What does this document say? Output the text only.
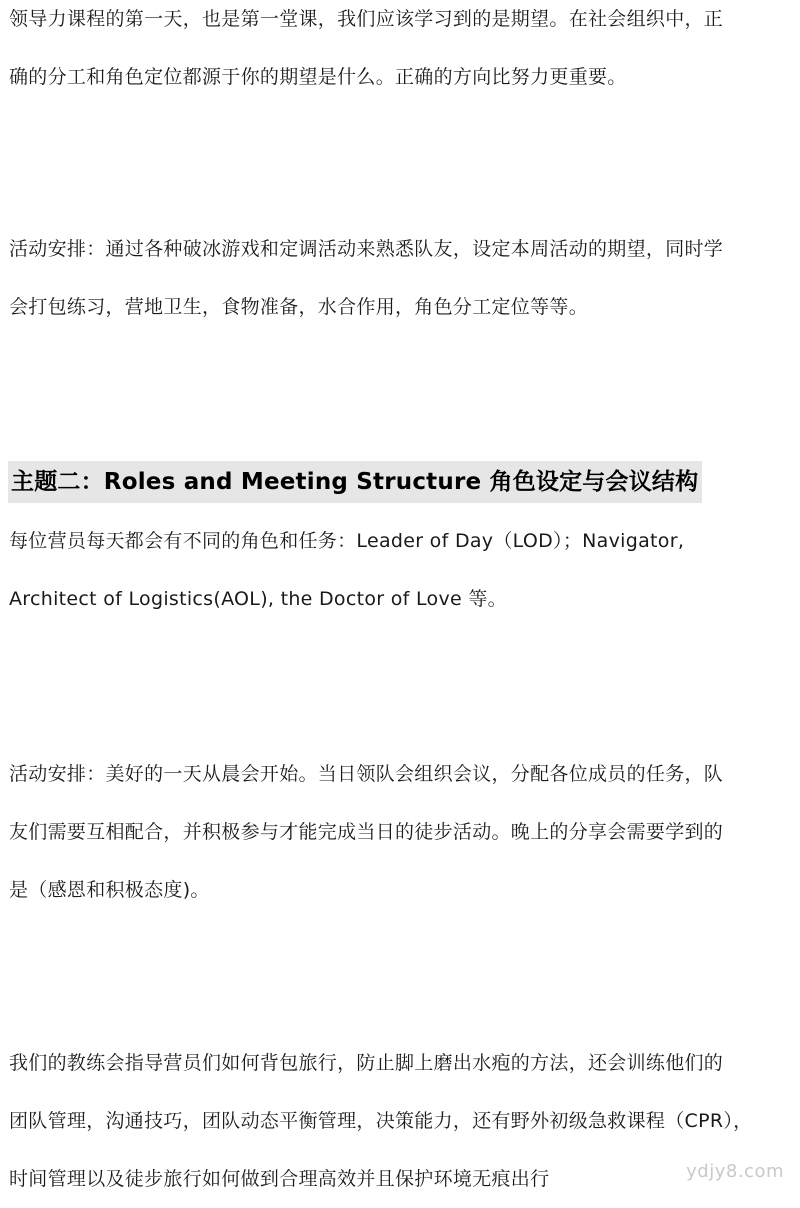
领导力课程的第一天，也是第一堂课，我们应该学习到的是期望。在社会组织中，正
确的分工和角色定位都源于你的期望是什么。正确的方向比努力更重要。
活动安排：通过各种破冰游戏和定调活动来熟悉队友，设定本周活动的期望，同时学
会打包练习，营地卫生，食物准备，水合作用，角色分工定位等等。
主题二：Roles and Meeting Structure 角色设定与会议结构
每位营员每天都会有不同的角色和任务：Leader of Day（LOD）；Navigator,
Architect of Logistics(AOL), the Doctor of Love 等。
活动安排：美好的一天从晨会开始。当日领队会组织会议，分配各位成员的任务，队
友们需要互相配合，并积极参与才能完成当日的徒步活动。晚上的分享会需要学到的
是（感恩和积极态度)。
我们的教练会指导营员们如何背包旅行，防止脚上磨出水疱的方法，还会训练他们的
团队管理，沟通技巧，团队动态平衡管理，决策能力，还有野外初级急救课程（CPR），
时间管理以及徒步旅行如何做到合理高效并且保护环境无痕出行	ydjy8.com
